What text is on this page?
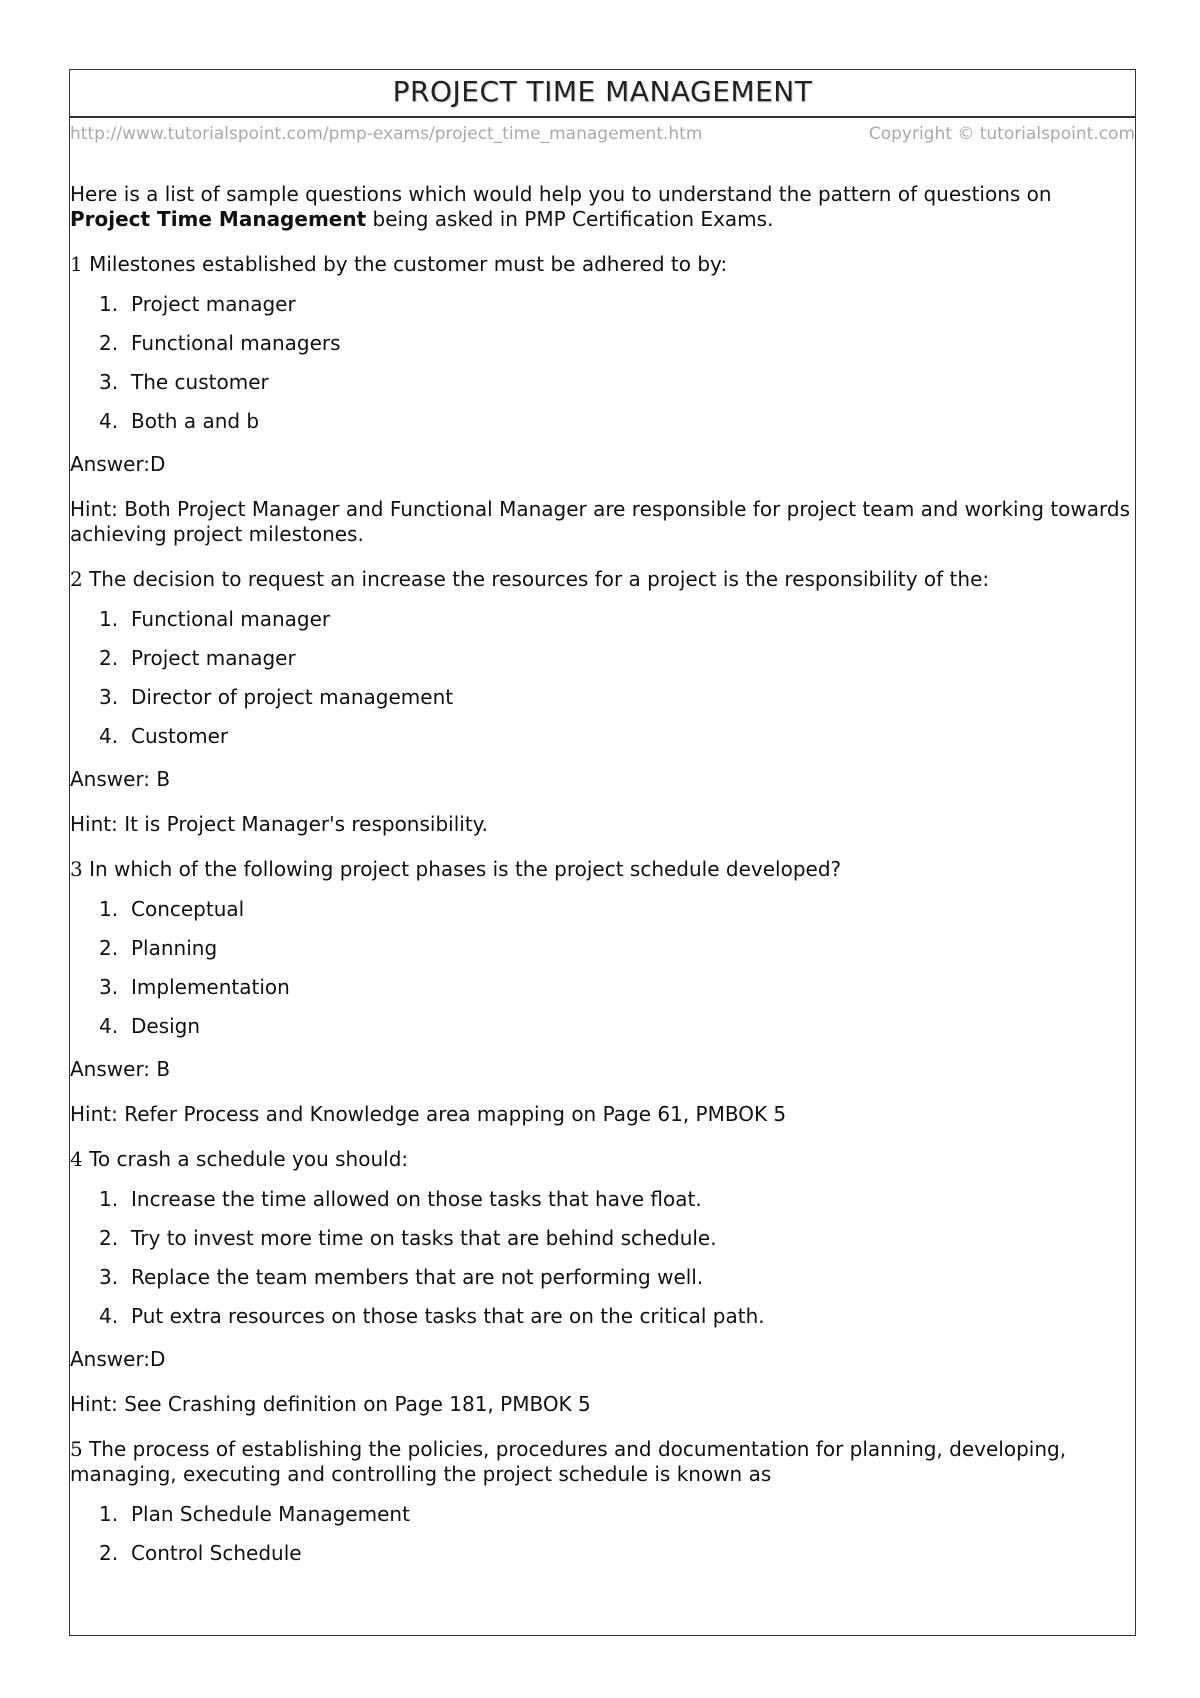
PROJECT TIME MANAGEMENT
http://www.tutorialspoint.com/pmp-exams/project_time_management.htm	Copyright © tutorialspoint.com

Here is a list of sample questions which would help you to understand the pattern of questions on Project Time Management being asked in PMP Certification Exams.

1 Milestones established by the customer must be adhered to by:

1. Project manager
2. Functional managers
3. The customer
4. Both a and b

Answer:D

Hint: Both Project Manager and Functional Manager are responsible for project team and working towards achieving project milestones.

2 The decision to request an increase the resources for a project is the responsibility of the:

1. Functional manager
2. Project manager
3. Director of project management
4. Customer

Answer: B

Hint: It is Project Manager's responsibility.

3 In which of the following project phases is the project schedule developed?

1. Conceptual
2. Planning
3. Implementation
4. Design

Answer: B

Hint: Refer Process and Knowledge area mapping on Page 61, PMBOK 5

4 To crash a schedule you should:

1. Increase the time allowed on those tasks that have float.
2. Try to invest more time on tasks that are behind schedule.
3. Replace the team members that are not performing well.
4. Put extra resources on those tasks that are on the critical path.

Answer:D

Hint: See Crashing definition on Page 181, PMBOK 5

5 The process of establishing the policies, procedures and documentation for planning, developing, managing, executing and controlling the project schedule is known as

1. Plan Schedule Management
2. Control Schedule
